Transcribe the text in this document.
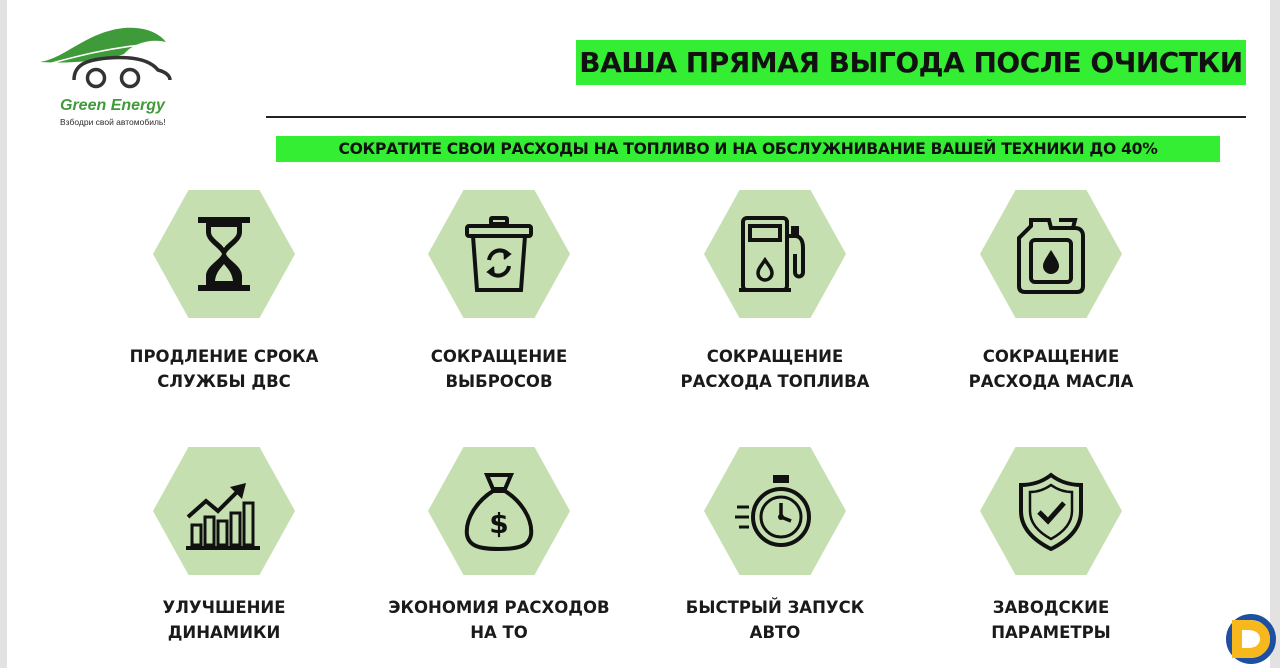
Green Energy
Взбодри свой автомобиль!
ВАША ПРЯМАЯ ВЫГОДА ПОСЛЕ ОЧИСТКИ
СОКРАТИТЕ СВОИ РАСХОДЫ НА ТОПЛИВО И НА ОБСЛУЖНИВАНИЕ ВАШЕЙ ТЕХНИКИ ДО 40%
ПРОДЛЕНИЕ СРОКА
СЛУЖБЫ ДВС
СОКРАЩЕНИЕ
ВЫБРОСОВ
СОКРАЩЕНИЕ
РАСХОДА ТОПЛИВА
СОКРАЩЕНИЕ
РАСХОДА МАСЛА
УЛУЧШЕНИЕ
ДИНАМИКИ
$
ЭКОНОМИЯ РАСХОДОВ
НА ТО
БЫСТРЫЙ ЗАПУСК
АВТО
ЗАВОДСКИЕ
ПАРАМЕТРЫ
